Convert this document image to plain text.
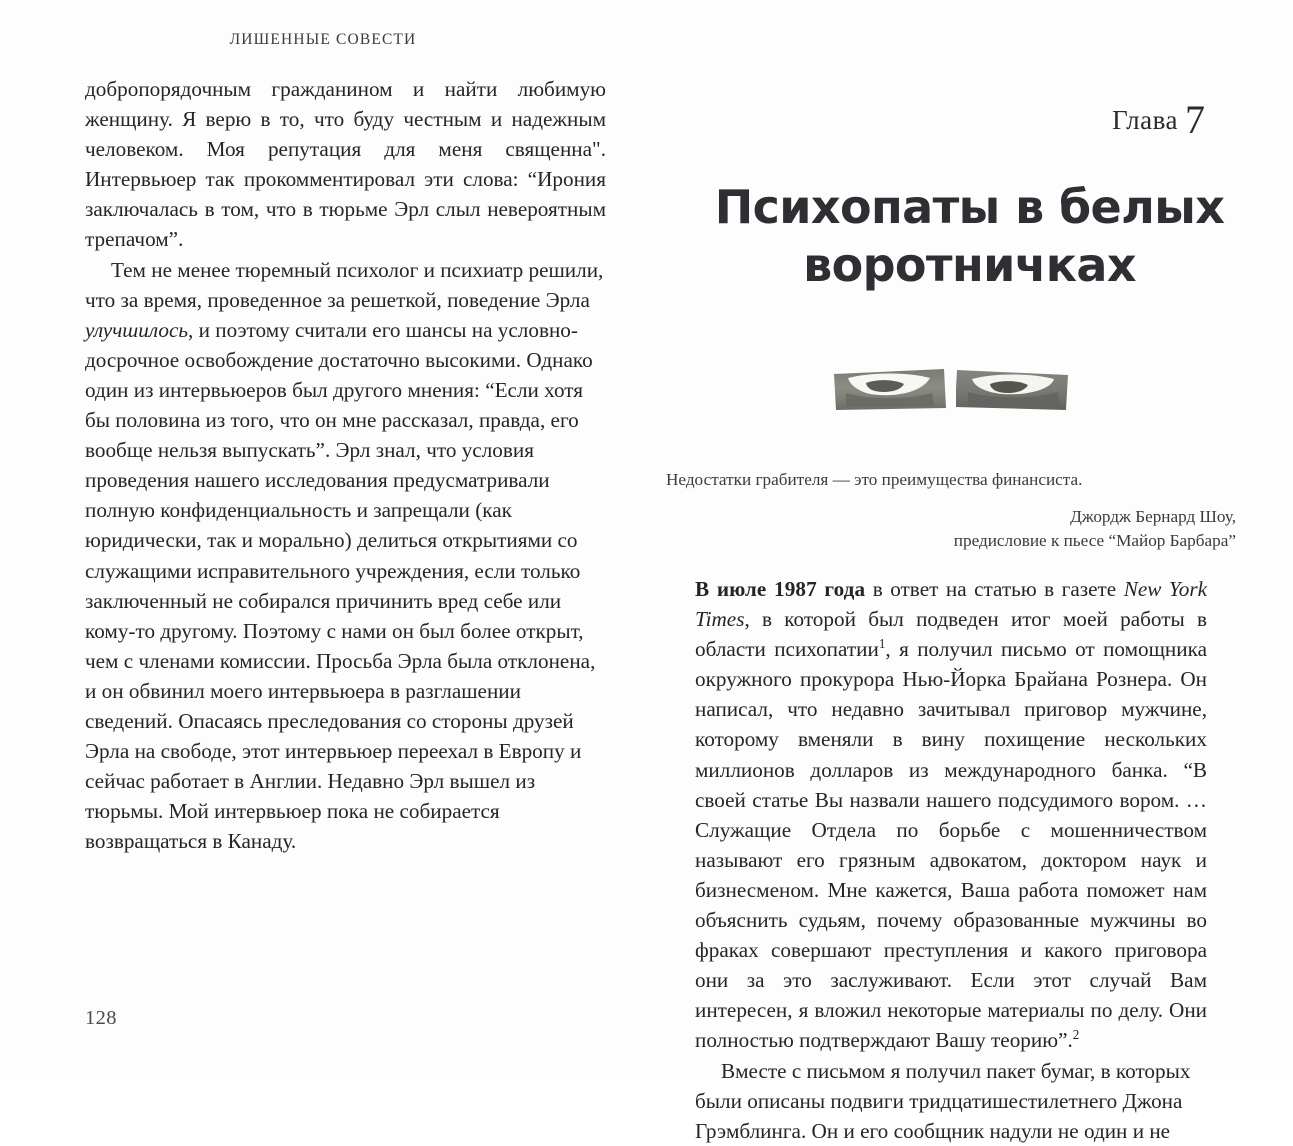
ЛИШЕННЫЕ СОВЕСТИ

добропорядочным гражданином и найти любимую женщину. Я верю в то, что буду честным и надежным человеком. Моя репутация для меня священна". Интервьюер так прокомментировал эти слова: “Ирония заключалась в том, что в тюрьме Эрл слыл невероятным трепачом”.

Тем не менее тюремный психолог и психиатр решили, что за время, проведенное за решеткой, поведение Эрла улучшилось, и поэтому считали его шансы на условно-досрочное освобождение достаточно высокими. Однако один из интервьюеров был другого мнения: “Если хотя бы половина из того, что он мне рассказал, правда, его вообще нельзя выпускать”. Эрл знал, что условия проведения нашего исследования предусматривали полную конфиденциальность и запрещали (как юридически, так и морально) делиться открытиями со служащими исправительного учреждения, если только заключенный не собирался причинить вред себе или кому-то другому. Поэтому с нами он был более открыт, чем с членами комиссии. Просьба Эрла была отклонена, и он обвинил моего интервьюера в разглашении сведений. Опасаясь преследования со стороны друзей Эрла на свободе, этот интервьюер переехал в Европу и сейчас работает в Англии. Недавно Эрл вышел из тюрьмы. Мой интервьюер пока не собирается возвращаться в Канаду.

128
Глава 7
Психопаты в белых воротничках
Недостатки грабителя — это преимущества финансиста.
Джордж Бернард Шоу,
предисловие к пьесе “Майор Барбара”

В июле 1987 года в ответ на статью в газете New York Times, в которой был подведен итог моей работы в области психопатии$^1$, я получил письмо от помощника окружного прокурора Нью-Йорка Брайана Рознера. Он написал, что недавно зачитывал приговор мужчине, которому вменяли в вину похищение нескольких миллионов долларов из международного банка. “В своей статье Вы назвали нашего подсудимого вором. … Служащие Отдела по борьбе с мошенничеством называют его грязным адвокатом, доктором наук и бизнесменом. Мне кажется, Ваша работа поможет нам объяснить судьям, почему образованные мужчины во фраках совершают преступления и какого приговора они за это заслуживают. Если этот случай Вам интересен, я вложил некоторые материалы по делу. Они полностью подтверждают Вашу теорию”.$^2$

Вместе с письмом я получил пакет бумаг, в которых были описаны подвиги тридцатишестилетнего Джона Грэмблинга. Он и его сообщник надули не один и не
